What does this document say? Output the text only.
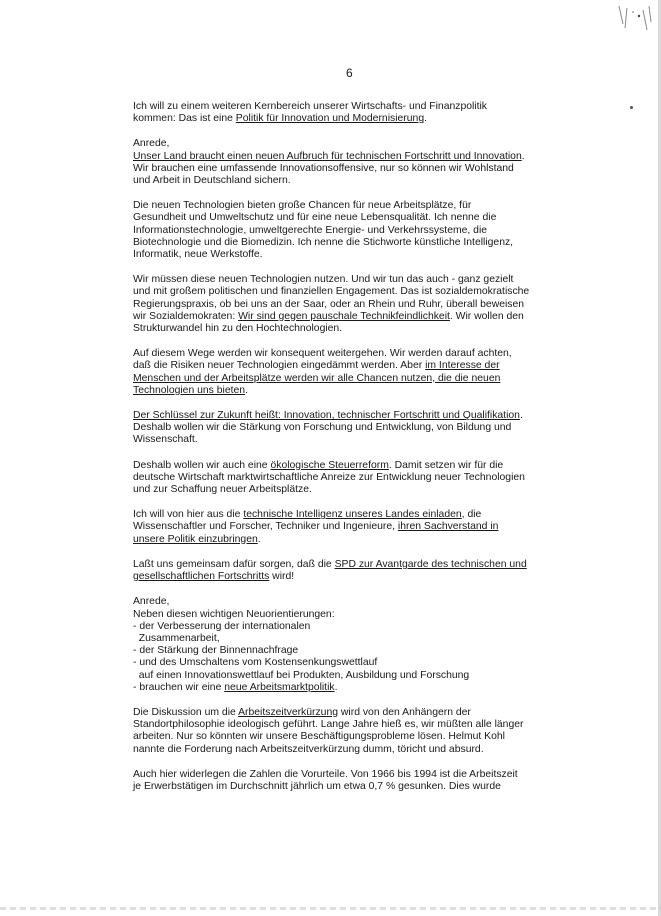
6
Ich will zu einem weiteren Kernbereich unserer Wirtschafts- und Finanzpolitik
kommen: Das ist eine Politik für Innovation und Modernisierung.
Anrede,
Unser Land braucht einen neuen Aufbruch für technischen Fortschritt und Innovation.
Wir brauchen eine umfassende Innovationsoffensive, nur so können wir Wohlstand
und Arbeit in Deutschland sichern.
Die neuen Technologien bieten große Chancen für neue Arbeitsplätze, für
Gesundheit und Umweltschutz und für eine neue Lebensqualität. Ich nenne die
Informationstechnologie, umweltgerechte Energie- und Verkehrssysteme, die
Biotechnologie und die Biomedizin. Ich nenne die Stichworte künstliche Intelligenz,
Informatik, neue Werkstoffe.
Wir müssen diese neuen Technologien nutzen. Und wir tun das auch - ganz gezielt
und mit großem politischen und finanziellen Engagement. Das ist sozialdemokratische
Regierungspraxis, ob bei uns an der Saar, oder an Rhein und Ruhr, überall beweisen
wir Sozialdemokraten: Wir sind gegen pauschale Technikfeindlichkeit. Wir wollen den
Strukturwandel hin zu den Hochtechnologien.
Auf diesem Wege werden wir konsequent weitergehen. Wir werden darauf achten,
daß die Risiken neuer Technologien eingedämmt werden. Aber im Interesse der
Menschen und der Arbeitsplätze werden wir alle Chancen nutzen, die die neuen
Technologien uns bieten.
Der Schlüssel zur Zukunft heißt: Innovation, technischer Fortschritt und Qualifikation.
Deshalb wollen wir die Stärkung von Forschung und Entwicklung, von Bildung und
Wissenschaft.
Deshalb wollen wir auch eine ökologische Steuerreform. Damit setzen wir für die
deutsche Wirtschaft marktwirtschaftliche Anreize zur Entwicklung neuer Technologien
und zur Schaffung neuer Arbeitsplätze.
Ich will von hier aus die technische Intelligenz unseres Landes einladen, die
Wissenschaftler und Forscher, Techniker und Ingenieure, ihren Sachverstand in
unsere Politik einzubringen.
Laßt uns gemeinsam dafür sorgen, daß die SPD zur Avantgarde des technischen und
gesellschaftlichen Fortschritts wird!
Anrede,
Neben diesen wichtigen Neuorientierungen:
- der Verbesserung der internationalen
Zusammenarbeit,
- der Stärkung der Binnennachfrage
- und des Umschaltens vom Kostensenkungswettlauf
auf einen Innovationswettlauf bei Produkten, Ausbildung und Forschung
- brauchen wir eine neue Arbeitsmarktpolitik.
Die Diskussion um die Arbeitszeitverkürzung wird von den Anhängern der
Standortphilosophie ideologisch geführt. Lange Jahre hieß es, wir müßten alle länger
arbeiten. Nur so könnten wir unsere Beschäftigungsprobleme lösen. Helmut Kohl
nannte die Forderung nach Arbeitszeitverkürzung dumm, töricht und absurd.
Auch hier widerlegen die Zahlen die Vorurteile. Von 1966 bis 1994 ist die Arbeitszeit
je Erwerbstätigen im Durchschnitt jährlich um etwa 0,7 % gesunken. Dies wurde
